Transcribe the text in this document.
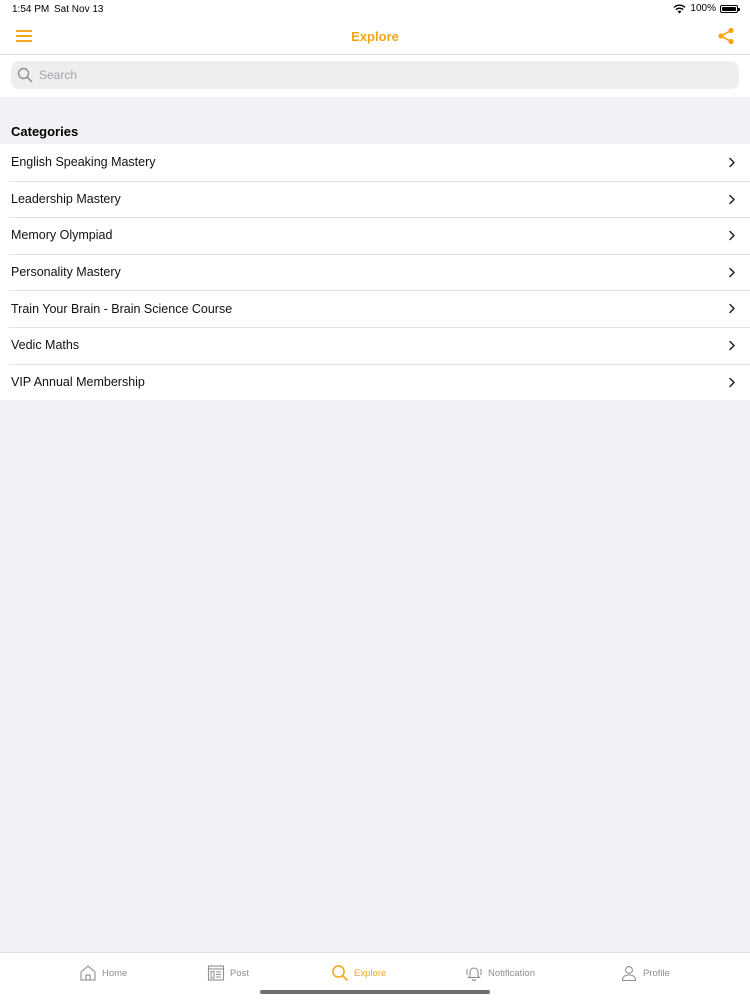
1:54 PM Sat Nov 13	100%
Explore
Search
Categories
English Speaking Mastery
Leadership Mastery
Memory Olympiad
Personality Mastery
Train Your Brain - Brain Science Course
Vedic Maths
VIP Annual Membership
Home	Post	Explore	Notification	Profile
